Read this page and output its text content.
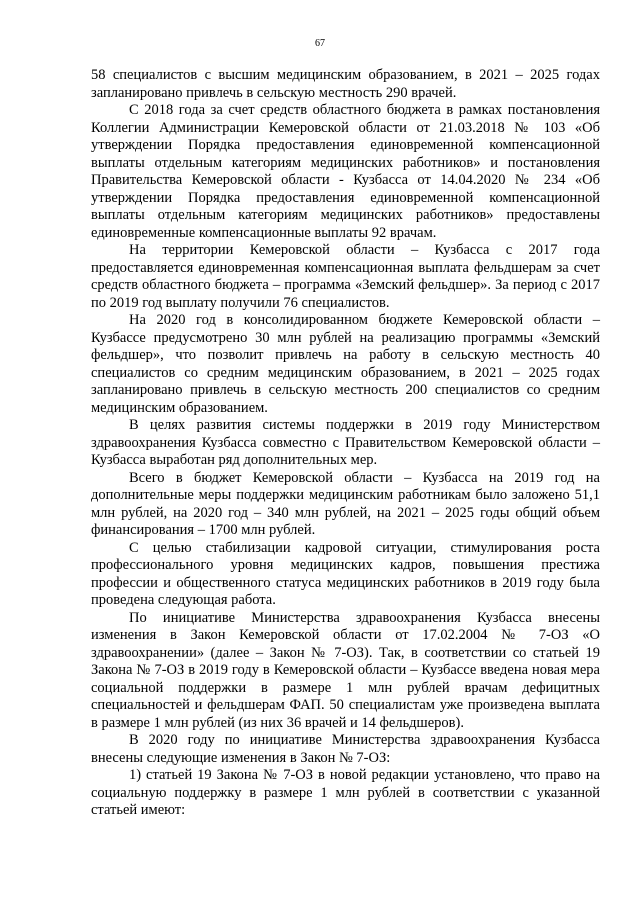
67

58 специалистов с высшим медицинским образованием, в 2021 – 2025 годах запланировано привлечь в сельскую местность 290 врачей.

С 2018 года за счет средств областного бюджета в рамках постановления Коллегии Администрации Кемеровской области от 21.03.2018 № 103 «Об утверждении Порядка предоставления единовременной компенсационной выплаты отдельным категориям медицинских работников» и постановления Правительства Кемеровской области - Кузбасса от 14.04.2020 № 234 «Об утверждении Порядка предоставления единовременной компенсационной выплаты отдельным категориям медицинских работников» предоставлены единовременные компенсационные выплаты 92 врачам.

На территории Кемеровской области – Кузбасса с 2017 года предоставляется единовременная компенсационная выплата фельдшерам за счет средств областного бюджета – программа «Земский фельдшер». За период с 2017 по 2019 год выплату получили 76 специалистов.

На 2020 год в консолидированном бюджете Кемеровской области – Кузбассе предусмотрено 30 млн рублей на реализацию программы «Земский фельдшер», что позволит привлечь на работу в сельскую местность 40 специалистов со средним медицинским образованием, в 2021 – 2025 годах запланировано привлечь в сельскую местность 200 специалистов со средним медицинским образованием.

В целях развития системы поддержки в 2019 году Министерством здравоохранения Кузбасса совместно с Правительством Кемеровской области – Кузбасса выработан ряд дополнительных мер.

Всего в бюджет Кемеровской области – Кузбасса на 2019 год на дополнительные меры поддержки медицинским работникам было заложено 51,1 млн рублей, на 2020 год – 340 млн рублей, на 2021 – 2025 годы общий объем финансирования – 1700 млн рублей.

С целью стабилизации кадровой ситуации, стимулирования роста профессионального уровня медицинских кадров, повышения престижа профессии и общественного статуса медицинских работников в 2019 году была проведена следующая работа.

По инициативе Министерства здравоохранения Кузбасса внесены изменения в Закон Кемеровской области от 17.02.2004 № 7-ОЗ «О здравоохранении» (далее – Закон № 7-ОЗ). Так, в соответствии со статьей 19 Закона № 7-ОЗ в 2019 году в Кемеровской области – Кузбассе введена новая мера социальной поддержки в размере 1 млн рублей врачам дефицитных специальностей и фельдшерам ФАП. 50 специалистам уже произведена выплата в размере 1 млн рублей (из них 36 врачей и 14 фельдшеров).

В 2020 году по инициативе Министерства здравоохранения Кузбасса внесены следующие изменения в Закон № 7-ОЗ:

1) статьей 19 Закона № 7-ОЗ в новой редакции установлено, что право на социальную поддержку в размере 1 млн рублей в соответствии с указанной статьей имеют:
